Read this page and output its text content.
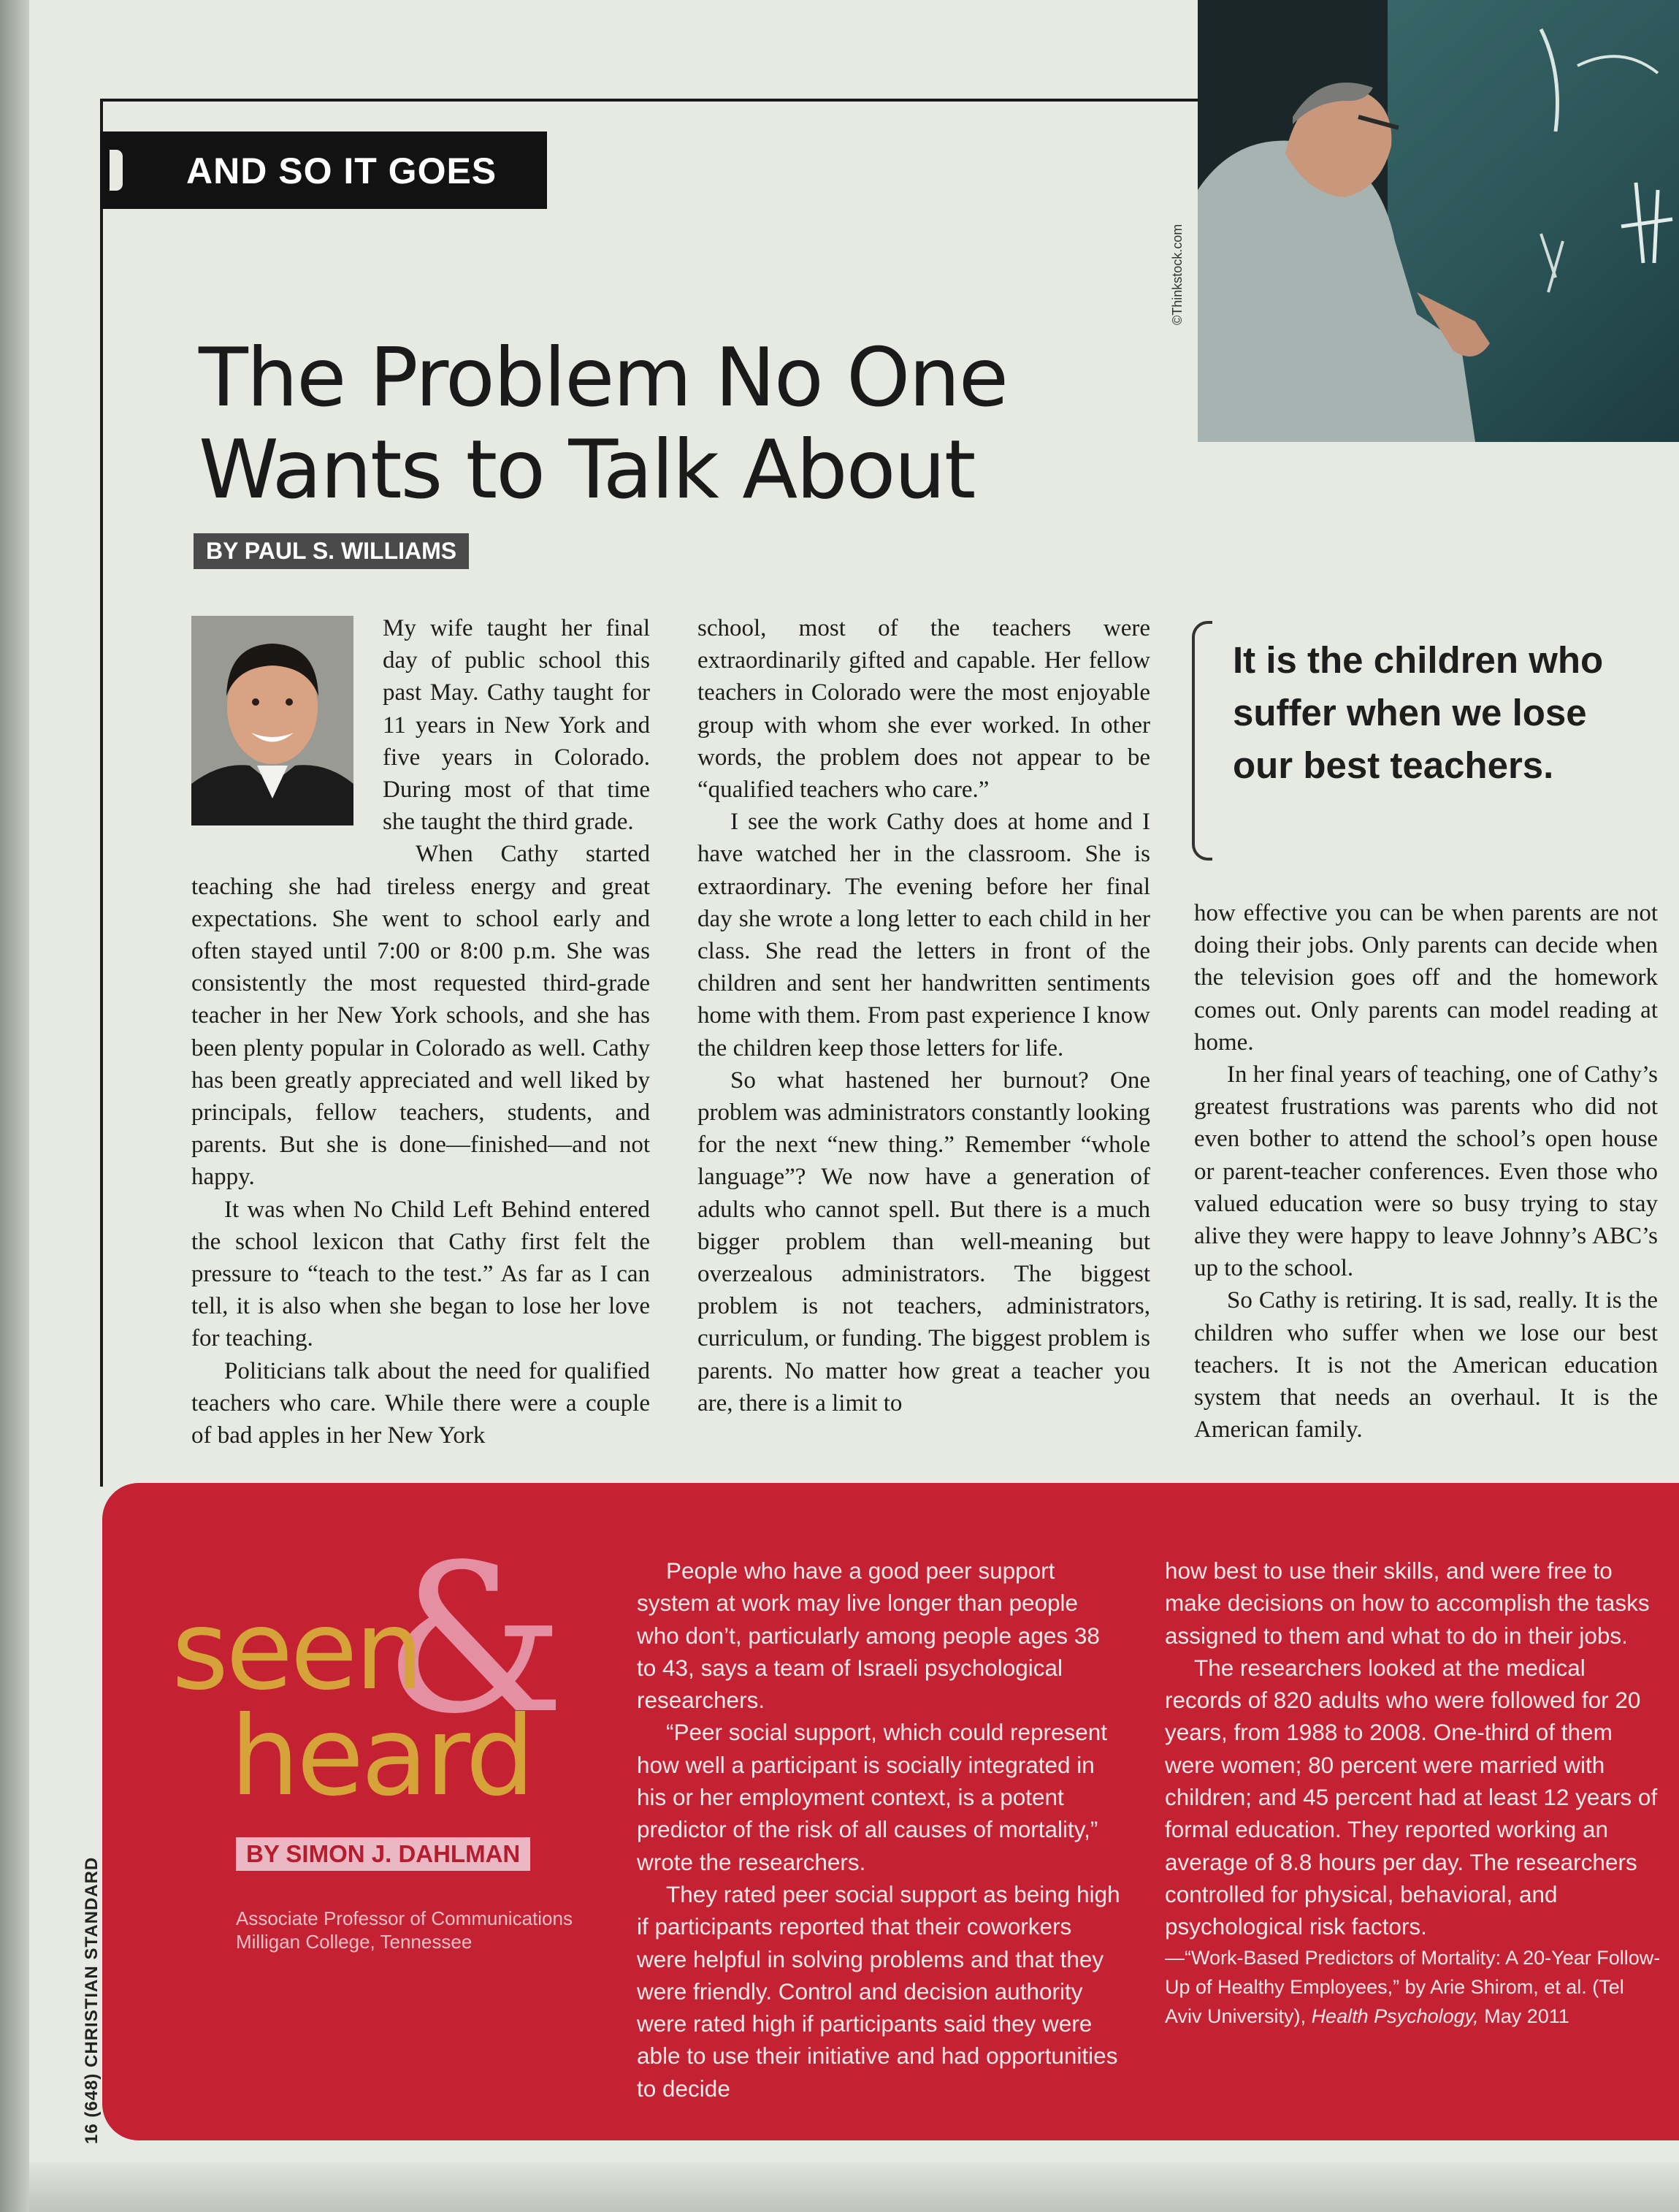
AND SO IT GOES
©Thinkstock.com
The Problem No One
Wants to Talk About
BY PAUL S. WILLIAMS

My wife taught her final day of public school this past May. Cathy taught for 11 years in New York and five years in Colorado. During most of that time she taught the third grade.

When Cathy started teaching she had tireless energy and great expectations. She went to school early and often stayed until 7:00 or 8:00 p.m. She was consistently the most requested third-grade teacher in her New York schools, and she has been plenty popular in Colorado as well. Cathy has been greatly appreciated and well liked by principals, fellow teachers, students, and parents. But she is done—finished—and not happy.

It was when No Child Left Behind entered the school lexicon that Cathy first felt the pressure to “teach to the test.” As far as I can tell, it is also when she began to lose her love for teaching.

Politicians talk about the need for qualified teachers who care. While there were a couple of bad apples in her New York

school, most of the teachers were extraordinarily gifted and capable. Her fellow teachers in Colorado were the most enjoyable group with whom she ever worked. In other words, the problem does not appear to be “qualified teachers who care.”

I see the work Cathy does at home and I have watched her in the classroom. She is extraordinary. The evening before her final day she wrote a long letter to each child in her class. She read the letters in front of the children and sent her handwritten sentiments home with them. From past experience I know the children keep those letters for life.

So what hastened her burnout? One problem was administrators constantly looking for the next “new thing.” Remember “whole language”? We now have a generation of adults who cannot spell. But there is a much bigger problem than well-meaning but overzealous administrators. The biggest problem is not teachers, administrators, curriculum, or funding. The biggest problem is parents. No matter how great a teacher you are, there is a limit to

It is the children who suffer when we lose our best teachers.

how effective you can be when parents are not doing their jobs. Only parents can decide when the television goes off and the homework comes out. Only parents can model reading at home.

In her final years of teaching, one of Cathy’s greatest frustrations was parents who did not even bother to attend the school’s open house or parent-teacher conferences. Even those who valued education were so busy trying to stay alive they were happy to leave Johnny’s ABC’s up to the school.

So Cathy is retiring. It is sad, really. It is the children who suffer when we lose our best teachers. It is not the American education system that needs an overhaul. It is the American family.

&
seen
heard
BY SIMON J. DAHLMAN
Associate Professor of Communications
Milligan College, Tennessee

People who have a good peer support system at work may live longer than people who don’t, particularly among people ages 38 to 43, says a team of Israeli psychological researchers.

“Peer social support, which could represent how well a participant is socially integrated in his or her employment context, is a potent predictor of the risk of all causes of mortality,” wrote the researchers.

They rated peer social support as being high if participants reported that their coworkers were helpful in solving problems and that they were friendly. Control and decision authority were rated high if participants said they were able to use their initiative and had opportunities to decide

how best to use their skills, and were free to make decisions on how to accomplish the tasks assigned to them and what to do in their jobs.

The researchers looked at the medical records of 820 adults who were followed for 20 years, from 1988 to 2008. One-third of them were women; 80 percent were married with children; and 45 percent had at least 12 years of formal education. They reported working an average of 8.8 hours per day. The researchers controlled for physical, behavioral, and psychological risk factors.

—“Work-Based Predictors of Mortality: A 20-Year Follow-Up of Healthy Employees,” by Arie Shirom, et al. (Tel Aviv University), Health Psychology, May 2011

16 (648) CHRISTIAN STANDARD
